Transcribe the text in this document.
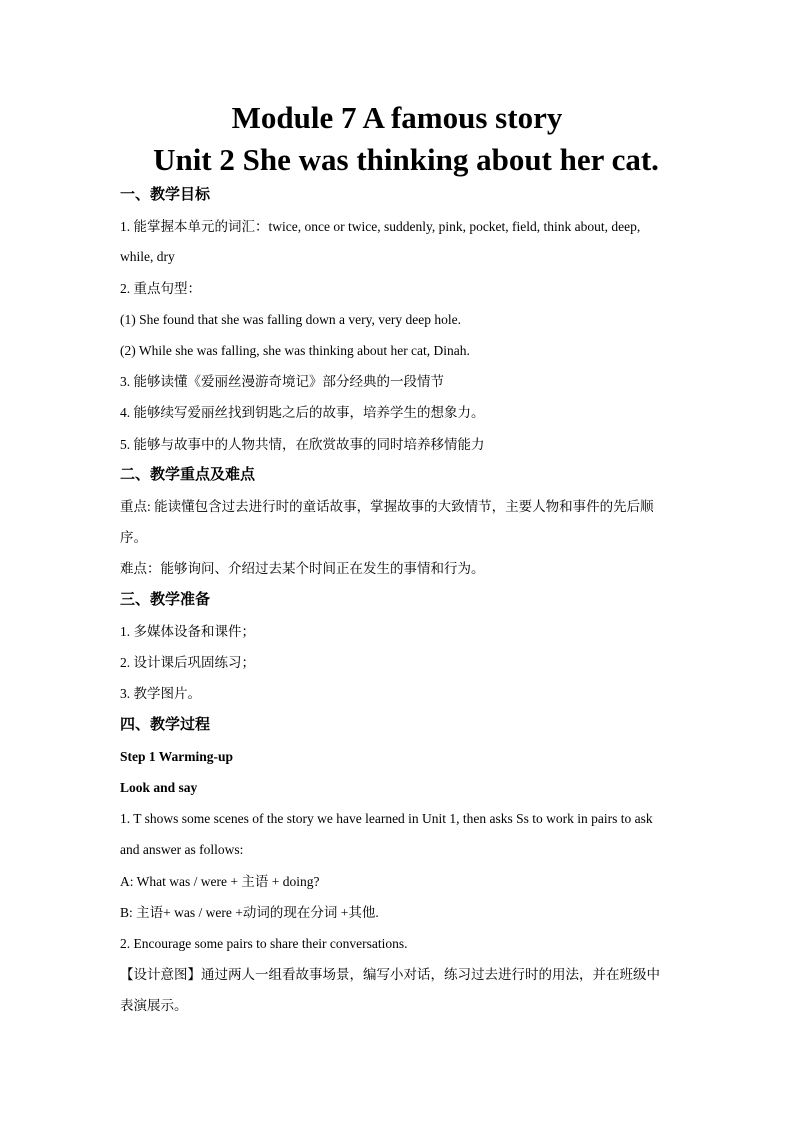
Module 7 A famous story
Unit 2 She was thinking about her cat.
一、教学目标
1. 能掌握本单元的词汇：twice, once or twice, suddenly, pink, pocket, field, think about, deep,
while, dry
2. 重点句型：
(1) She found that she was falling down a very, very deep hole.
(2) While she was falling, she was thinking about her cat, Dinah.
3. 能够读懂《爱丽丝漫游奇境记》部分经典的一段情节
4. 能够续写爱丽丝找到钥匙之后的故事，培养学生的想象力。
5. 能够与故事中的人物共情，在欣赏故事的同时培养移情能力
二、教学重点及难点
重点: 能读懂包含过去进行时的童话故事，掌握故事的大致情节，主要人物和事件的先后顺
序。
难点：能够询问、介绍过去某个时间正在发生的事情和行为。
三、教学准备
1. 多媒体设备和课件；
2. 设计课后巩固练习；
3. 教学图片。
四、教学过程
Step 1 Warming-up
Look and say
1. T shows some scenes of the story we have learned in Unit 1, then asks Ss to work in pairs to ask
and answer as follows:
A: What was / were + 主语 + doing?
B: 主语+ was / were +动词的现在分词 +其他.
2. Encourage some pairs to share their conversations.
【设计意图】通过两人一组看故事场景，编写小对话，练习过去进行时的用法，并在班级中
表演展示。
